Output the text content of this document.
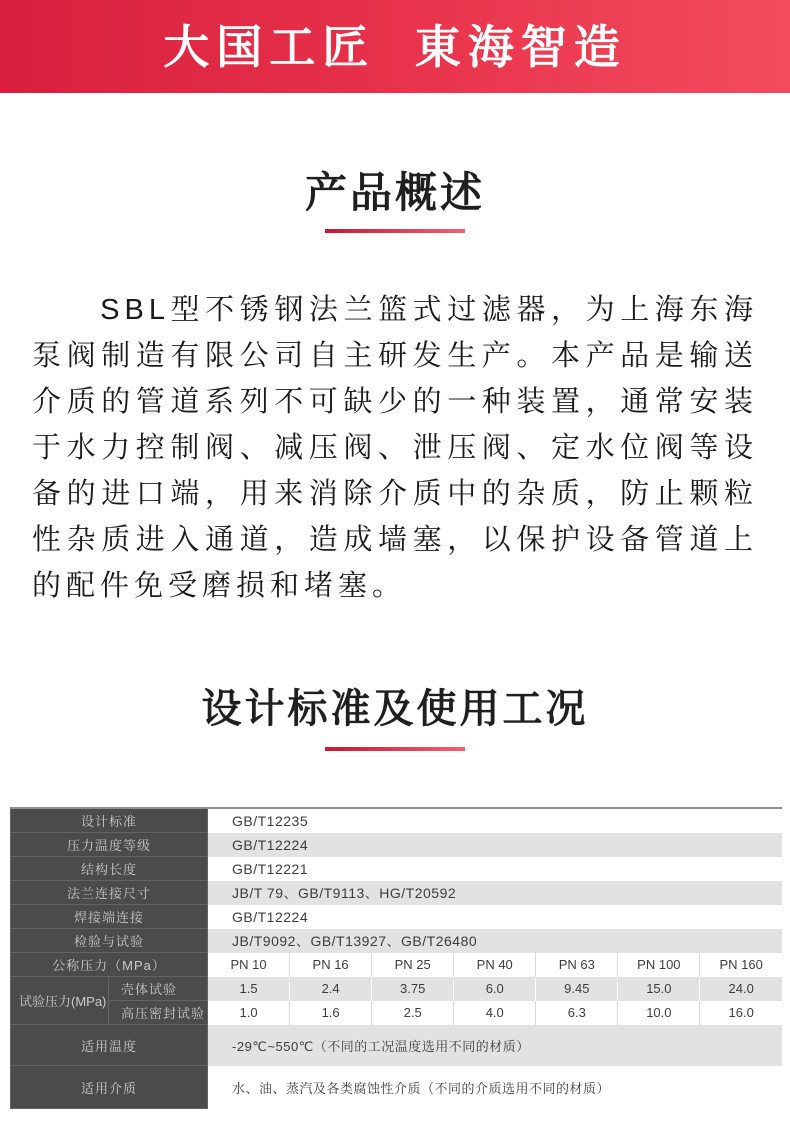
大国工匠  東海智造
产品概述
SBL型不锈钢法兰篮式过滤器，为上海东海泵阀制造有限公司自主研发生产。本产品是输送介质的管道系列不可缺少的一种装置，通常安装于水力控制阀、减压阀、泄压阀、定水位阀等设备的进口端，用来消除介质中的杂质，防止颗粒性杂质进入通道，造成墙塞，以保护设备管道上的配件免受磨损和堵塞。
设计标准及使用工况
设计标准		GB/T12235						
压力温度等级		GB/T12224						
结构长度		GB/T12221						
法兰连接尺寸		JB/T 79、GB/T9113、HG/T20592						
焊接端连接		GB/T12224						
检验与试验		JB/T9092、GB/T13927、GB/T26480						
公称压力（MPa）		PN 10	PN 16	PN 25	PN 40	PN 63	PN 100	PN 160
试验压力(MPa)	壳体试验	1.5	2.4	3.75	6.0	9.45	15.0	24.0
	高压密封试验	1.0	1.6	2.5	4.0	6.3	10.0	16.0
适用温度		-29℃~550℃（不同的工况温度选用不同的材质）						
适用介质		水、油、蒸汽及各类腐蚀性介质（不同的介质选用不同的材质）						
